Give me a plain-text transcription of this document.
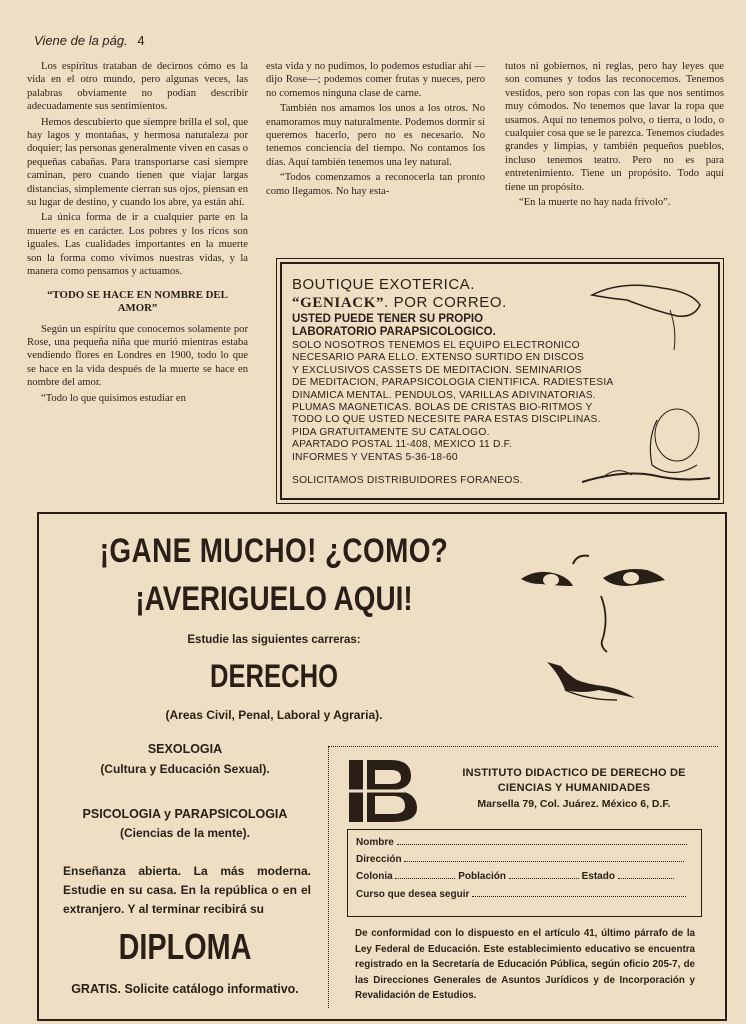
Viene de la pág. 4

Los espíritus trataban de decirnos cómo es la vida en el otro mundo, pero algunas veces, las palabras obviamente no podían describir adecuadamente sus sentimientos.

Hemos descubierto que siempre brilla el sol, que hay lagos y montañas, y hermosa naturaleza por doquier; las personas generalmente viven en casas o pequeñas cabañas. Para transportarse casi siempre caminan, pero cuando tienen que viajar largas distancias, simplemente cierran sus ojos, piensan en su lugar de destino, y cuando los abre, ya están ahí.

La única forma de ir a cualquier parte en la muerte es en carácter. Los pobres y los ricos son iguales. Las cualidades importantes en la muerte son la forma como vivimos nuestras vidas, y la manera como pensamos y actuamos.

“TODO SE HACE EN NOMBRE DEL AMOR”

Según un espíritu que conocemos solamente por Rose, una pequeña niña que murió mientras estaba vendiendo flores en Londres en 1900, todo lo que se hace en la vida después de la muerte se hace en nombre del amor.

“Todo lo que quisimos estudiar en

esta vida y no pudimos, lo podemos estudiar ahí —dijo Rose—; podemos comer frutas y nueces, pero no comemos ninguna clase de carne.

También nos amamos los unos a los otros. No enamoramos muy naturalmente. Podemos dormir si queremos hacerlo, pero no es necesario. No tenemos conciencia del tiempo. No contamos los días. Aquí también tenemos una ley natural.

“Todos comenzamos a reconocerla tan pronto como llegamos. No hay esta-

tutos ni gobiernos, ni reglas, pero hay leyes que son comunes y todos las reconocemos. Tenemos vestidos, pero son ropas con las que nos sentimos muy cómodos. No tenemos que lavar la ropa que usamos. Aquí no tenemos polvo, o tierra, o lodo, o cualquier cosa que se le parezca. Tenemos ciudades grandes y limpias, y también pequeños pueblos, incluso tenemos teatro. Pero no es para entretenimiento. Tiene un propósito. Todo aquí tiene un propósito.

“En la muerte no hay nada frívolo”.

BOUTIQUE EXOTERICA.
“GENIACK”. POR CORREO.
USTED PUEDE TENER SU PROPIO
LABORATORIO PARAPSICOLOGICO.
SOLO NOSOTROS TENEMOS EL EQUIPO ELECTRONICO
NECESARIO PARA ELLO. EXTENSO SURTIDO EN DISCOS
Y EXCLUSIVOS CASSETS DE MEDITACION. SEMINARIOS
DE MEDITACION, PARAPSICOLOGIA CIENTIFICA. RADIESTESIA
DINAMICA MENTAL. PENDULOS, VARILLAS ADIVINATORIAS.
PLUMAS MAGNETICAS. BOLAS DE CRISTAS BIO-RITMOS Y
TODO LO QUE USTED NECESITE PARA ESTAS DISCIPLINAS.
PIDA GRATUITAMENTE SU CATALOGO.
APARTADO POSTAL 11-408, MEXICO 11 D.F.
INFORMES Y VENTAS 5-36-18-60
SOLICITAMOS DISTRIBUIDORES FORANEOS.
¡GANE MUCHO! ¿COMO?
¡AVERIGUELO AQUI!
Estudie las siguientes carreras:
DERECHO
(Areas Civil, Penal, Laboral y Agraria).
SEXOLOGIA
(Cultura y Educación Sexual).
PSICOLOGIA y PARAPSICOLOGIA
(Ciencias de la mente).
Enseñanza abierta. La más moderna. Estudie en su casa. En la república o en el extranjero. Y al terminar recibirá su
DIPLOMA
GRATIS. Solicite catálogo informativo.
INSTITUTO DIDACTICO DE DERECHO DE
CIENCIAS Y HUMANIDADES
Marsella 79, Col. Juárez. México 6, D.F.
Nombre
Dirección
Colonia	Población	Estado
Curso que desea seguir
De conformidad con lo dispuesto en el artículo 41, último párrafo de la Ley Federal de Educación. Este establecimiento educativo se encuentra registrado en la Secretaría de Educación Pública, según oficio 205-7, de las Direcciones Generales de Asuntos Jurídicos y de Incorporación y Revalidación de Estudios.
